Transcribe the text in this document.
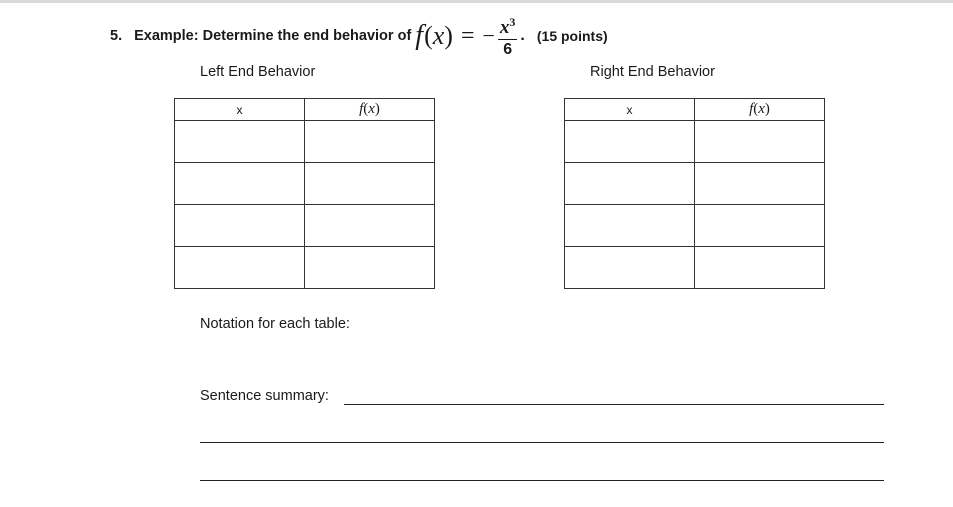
5. Example: Determine the end behavior of f ( x ) = − $\frac{x^3}{6}$ . (15 points)
Left End Behavior	Right End Behavior
x	f(x)

		x	f(x)

Notation for each table:
Sentence summary:
